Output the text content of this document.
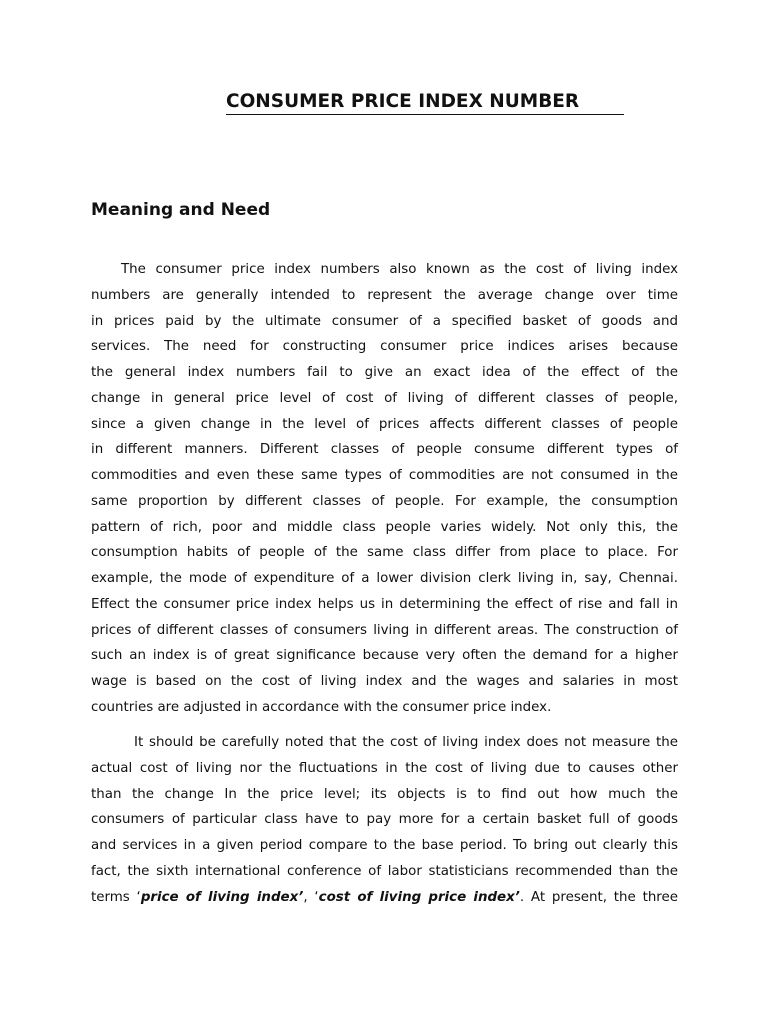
CONSUMER PRICE INDEX NUMBER
Meaning and Need
The consumer price index numbers also known as the cost of living index
numbers are generally intended to represent the average change over time
in prices paid by the ultimate consumer of a specified basket of goods and
services. The need for constructing consumer price indices arises because
the general index numbers fail to give an exact idea of the effect of the
change in general price level of cost of living of different classes of people,
since a given change in the level of prices affects different classes of people
in different manners. Different classes of people consume different types of
commodities and even these same types of commodities are not consumed in the
same proportion by different classes of people. For example, the consumption
pattern of rich, poor and middle class people varies widely. Not only this, the
consumption habits of people of the same class differ from place to place. For
example, the mode of expenditure of a lower division clerk living in, say, Chennai.
Effect the consumer price index helps us in determining the effect of rise and fall in
prices of different classes of consumers living in different areas. The construction of
such an index is of great significance because very often the demand for a higher
wage is based on the cost of living index and the wages and salaries in most
countries are adjusted in accordance with the consumer price index.
It should be carefully noted that the cost of living index does not measure the
actual cost of living nor the fluctuations in the cost of living due to causes other
than the change In the price level; its objects is to find out how much the
consumers of particular class have to pay more for a certain basket full of goods
and services in a given period compare to the base period. To bring out clearly this
fact, the sixth international conference of labor statisticians recommended than the
terms ‘price of living index’, ‘cost of living price index’. At present, the three
